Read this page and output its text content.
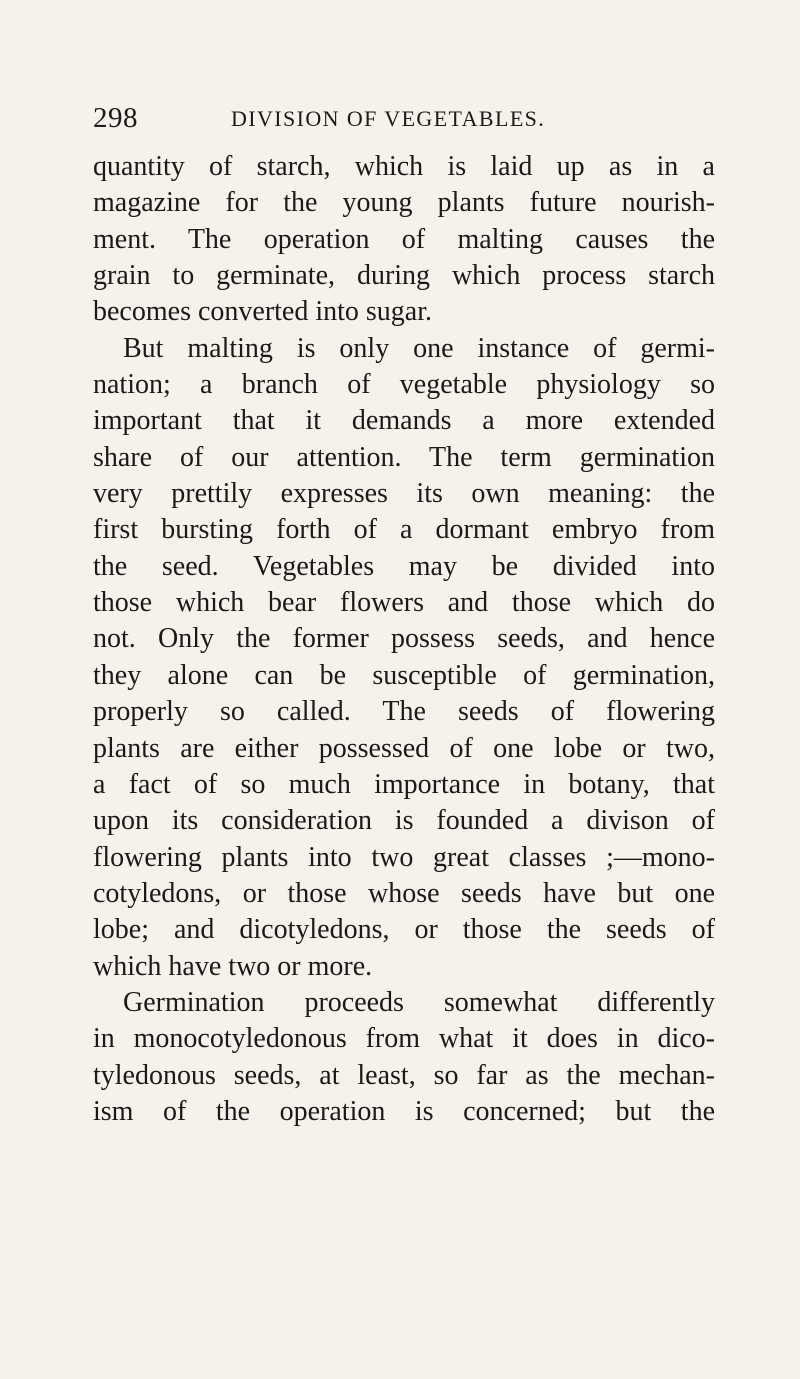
298	DIVISION OF VEGETABLES.
quantity of starch, which is laid up as in a
magazine for the young plants future nourish-
ment. The operation of malting causes the
grain to germinate, during which process starch
becomes converted into sugar.
But malting is only one instance of germi-
nation; a branch of vegetable physiology so
important that it demands a more extended
share of our attention. The term germination
very prettily expresses its own meaning: the
first bursting forth of a dormant embryo from
the seed. Vegetables may be divided into
those which bear flowers and those which do
not. Only the former possess seeds, and hence
they alone can be susceptible of germination,
properly so called. The seeds of flowering
plants are either possessed of one lobe or two,
a fact of so much importance in botany, that
upon its consideration is founded a divison of
flowering plants into two great classes ;—mono-
cotyledons, or those whose seeds have but one
lobe; and dicotyledons, or those the seeds of
which have two or more.
Germination proceeds somewhat differently
in monocotyledonous from what it does in dico-
tyledonous seeds, at least, so far as the mechan-
ism of the operation is concerned; but the
